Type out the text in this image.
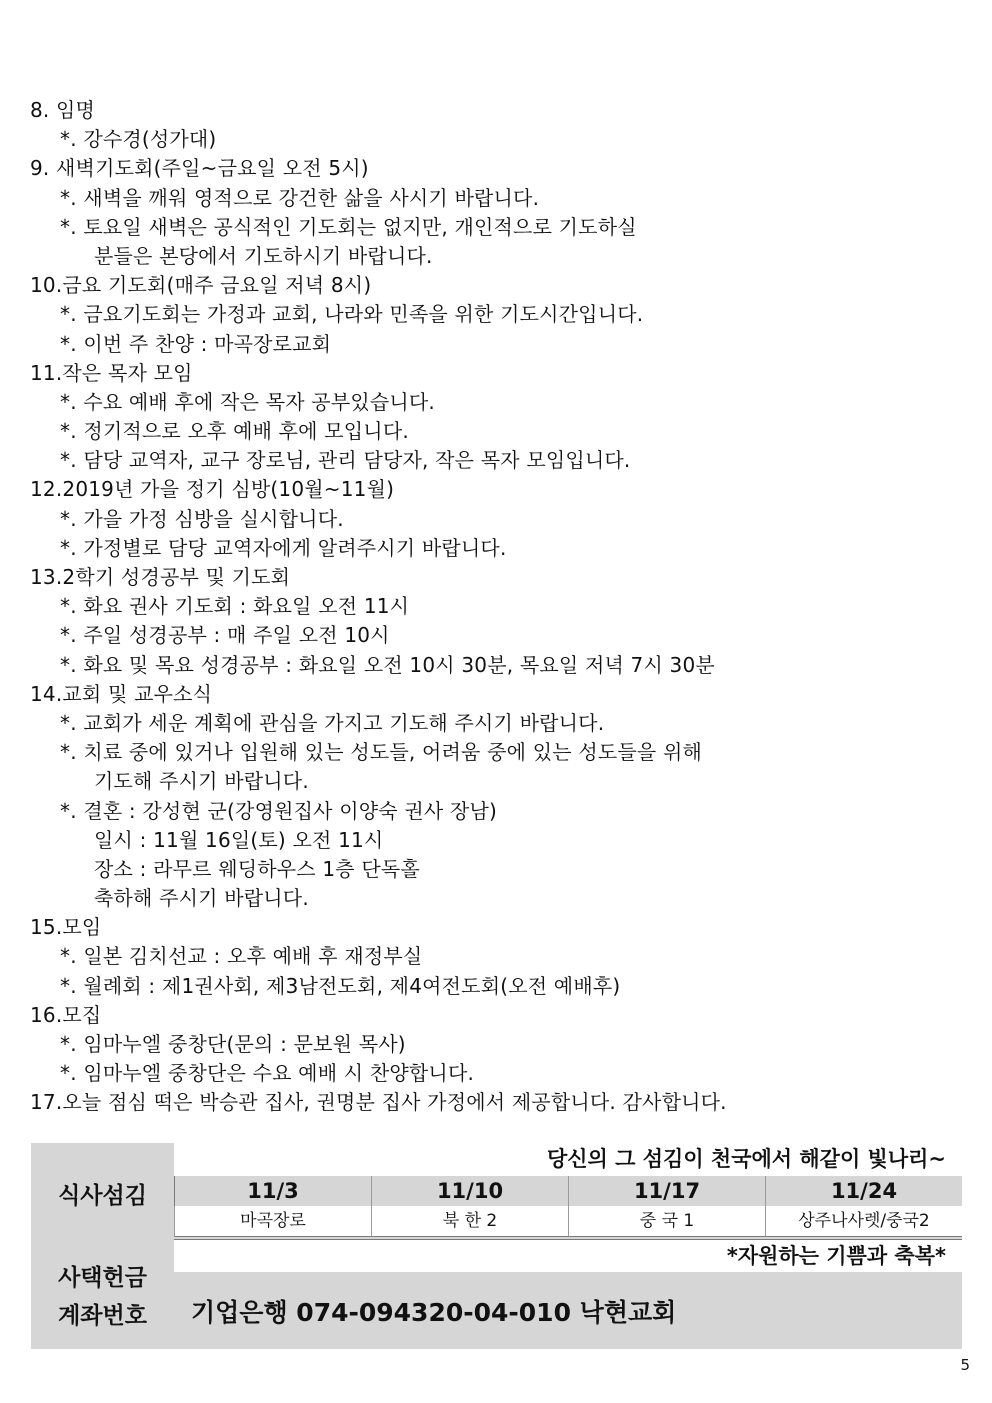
8. 임명
*. 강수경(성가대)
9. 새벽기도회(주일~금요일 오전 5시)
*. 새벽을 깨워 영적으로 강건한 삶을 사시기 바랍니다.
*. 토요일 새벽은 공식적인 기도회는 없지만, 개인적으로 기도하실
분들은 본당에서 기도하시기 바랍니다.
10.금요 기도회(매주 금요일 저녁 8시)
*. 금요기도회는 가정과 교회, 나라와 민족을 위한 기도시간입니다.
*. 이번 주 찬양 : 마곡장로교회
11.작은 목자 모임
*. 수요 예배 후에 작은 목자 공부있습니다.
*. 정기적으로 오후 예배 후에 모입니다.
*. 담당 교역자, 교구 장로님, 관리 담당자, 작은 목자 모임입니다.
12.2019년 가을 정기 심방(10월~11월)
*. 가을 가정 심방을 실시합니다.
*. 가정별로 담당 교역자에게 알려주시기 바랍니다.
13.2학기 성경공부 및 기도회
*. 화요 권사 기도회 : 화요일 오전 11시
*. 주일 성경공부 : 매 주일 오전 10시
*. 화요 및 목요 성경공부 : 화요일 오전 10시 30분, 목요일 저녁 7시 30분
14.교회 및 교우소식
*. 교회가 세운 계획에 관심을 가지고 기도해 주시기 바랍니다.
*. 치료 중에 있거나 입원해 있는 성도들, 어려움 중에 있는 성도들을 위해
기도해 주시기 바랍니다.
*. 결혼 : 강성현 군(강영원집사 이양숙 권사 장남)
일시 : 11월 16일(토) 오전 11시
장소 : 라무르 웨딩하우스 1층 단독홀
축하해 주시기 바랍니다.
15.모임
*. 일본 김치선교 : 오후 예배 후 재정부실
*. 월례회 : 제1권사회, 제3남전도회, 제4여전도회(오전 예배후)
16.모집
*. 임마누엘 중창단(문의 : 문보원 목사)
*. 임마누엘 중창단은 수요 예배 시 찬양합니다.
17.오늘 점심 떡은 박승관 집사, 권명분 집사 가정에서 제공합니다. 감사합니다.
식사섬김
당신의 그 섬김이 천국에서 해같이 빛나리~
11/3	11/10	11/17	11/24
마곡장로	북 한 2	중 국 1	상주나사렛/중국2
*자원하는 기쁨과 축복*
사택헌금
계좌번호	기업은행 074-094320-04-010 낙현교회
5
